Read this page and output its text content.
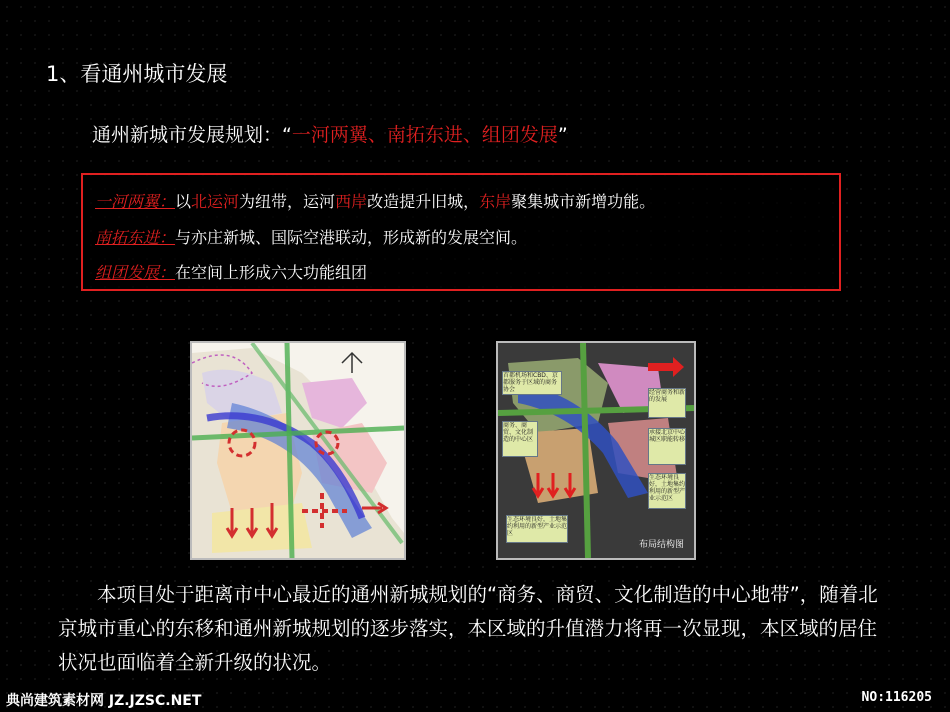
1、看通州城市发展
通州新城市发展规划：“一河两翼、南拓东进、组团发展”
一河两翼：以北运河为纽带，运河西岸改造提升旧城，东岸聚集城市新增功能。
南拓东进：与亦庄新城、国际空港联动，形成新的发展空间。
组团发展：在空间上形成六大功能组团
首都机场和CBD、京都服务于区域的商务协会
商务、商贸、文化制造的中心区
经营商务和新的发展
承接北京中心城区职能转移
生态环境良好，土地集约利用的新型产业示范区
生态环境良好，土地集约利用的新型产业示范区
布局结构图
本项目处于距离市中心最近的通州新城规划的“商务、商贸、文化制造的中心地带”，随着北京城市重心的东移和通州新城规划的逐步落实，本区域的升值潜力将再一次显现，本区域的居住状况也面临着全新升级的状况。
典尚建筑素材网 JZ.JZSC.NET	NO:116205
